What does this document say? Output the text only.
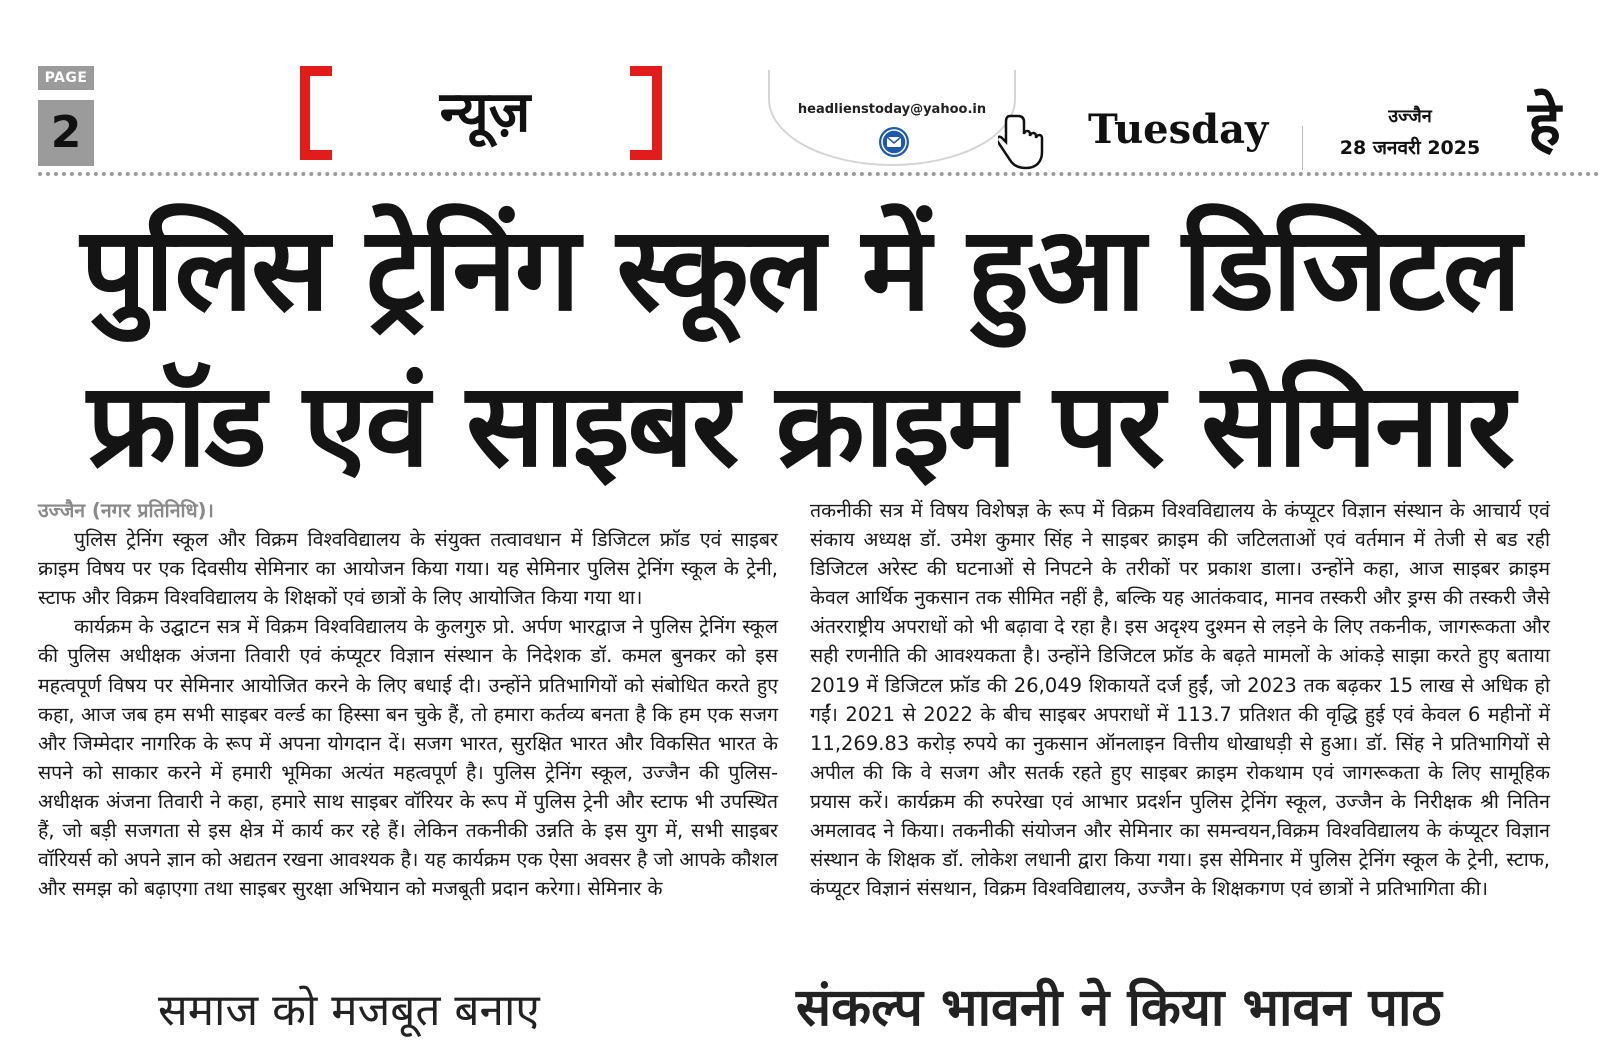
PAGE
2	न्यूज़	headlienstoday@yahoo.in	Tuesday	उज्जैन
28 जनवरी 2025 हे
पुलिस ट्रेनिंग स्कूल में हुआ डिजिटल
फ्रॉड एवं साइबर क्राइम पर सेमिनार

उज्जैन (नगर प्रतिनिधि)।

पुलिस ट्रेनिंग स्कूल और विक्रम विश्वविद्यालय के संयुक्त तत्वावधान में डिजिटल फ्रॉड एवं साइबर क्राइम विषय पर एक दिवसीय सेमिनार का आयोजन किया गया। यह सेमिनार पुलिस ट्रेनिंग स्कूल के ट्रेनी, स्टाफ और विक्रम विश्वविद्यालय के शिक्षकों एवं छात्रों के लिए आयोजित किया गया था।

कार्यक्रम के उद्घाटन सत्र में विक्रम विश्वविद्यालय के कुलगुरु प्रो. अर्पण भारद्वाज ने पुलिस ट्रेनिंग स्कूल की पुलिस अधीक्षक अंजना तिवारी एवं कंप्यूटर विज्ञान संस्थान के निदेशक डॉ. कमल बुनकर को इस महत्वपूर्ण विषय पर सेमिनार आयोजित करने के लिए बधाई दी। उन्होंने प्रतिभागियों को संबोधित करते हुए कहा, आज जब हम सभी साइबर वर्ल्ड का हिस्सा बन चुके हैं, तो हमारा कर्तव्य बनता है कि हम एक सजग और जिम्मेदार नागरिक के रूप में अपना योगदान दें। सजग भारत, सुरक्षित भारत और विकसित भारत के सपने को साकार करने में हमारी भूमिका अत्यंत महत्वपूर्ण है। पुलिस ट्रेनिंग स्कूल, उज्जैन की पुलिस-अधीक्षक अंजना तिवारी ने कहा, हमारे साथ साइबर वॉरियर के रूप में पुलिस ट्रेनी और स्टाफ भी उपस्थित हैं, जो बड़ी सजगता से इस क्षेत्र में कार्य कर रहे हैं। लेकिन तकनीकी उन्नति के इस युग में, सभी साइबर वॉरियर्स को अपने ज्ञान को अद्यतन रखना आवश्यक है। यह कार्यक्रम एक ऐसा अवसर है जो आपके कौशल और समझ को बढ़ाएगा तथा साइबर सुरक्षा अभियान को मजबूती प्रदान करेगा। सेमिनार के

तकनीकी सत्र में विषय विशेषज्ञ के रूप में विक्रम विश्वविद्यालय के कंप्यूटर विज्ञान संस्थान के आचार्य एवं संकाय अध्यक्ष डॉ. उमेश कुमार सिंह ने साइबर क्राइम की जटिलताओं एवं वर्तमान में तेजी से बड रही डिजिटल अरेस्ट की घटनाओं से निपटने के तरीकों पर प्रकाश डाला। उन्होंने कहा, आज साइबर क्राइम केवल आर्थिक नुकसान तक सीमित नहीं है, बल्कि यह आतंकवाद, मानव तस्करी और ड्रग्स की तस्करी जैसे अंतरराष्ट्रीय अपराधों को भी बढ़ावा दे रहा है। इस अदृश्य दुश्मन से लड़ने के लिए तकनीक, जागरूकता और सही रणनीति की आवश्यकता है। उन्होंने डिजिटल फ्रॉड के बढ़ते मामलों के आंकड़े साझा करते हुए बताया 2019 में डिजिटल फ्रॉड की 26,049 शिकायतें दर्ज हुईं, जो 2023 तक बढ़कर 15 लाख से अधिक हो गईं। 2021 से 2022 के बीच साइबर अपराधों में 113.7 प्रतिशत की वृद्धि हुई एवं केवल 6 महीनों में 11,269.83 करोड़ रुपये का नुकसान ऑनलाइन वित्तीय धोखाधड़ी से हुआ। डॉ. सिंह ने प्रतिभागियों से अपील की कि वे सजग और सतर्क रहते हुए साइबर क्राइम रोकथाम एवं जागरूकता के लिए सामूहिक प्रयास करें। कार्यक्रम की रुपरेखा एवं आभार प्रदर्शन पुलिस ट्रेनिंग स्कूल, उज्जैन के निरीक्षक श्री नितिन अमलावद ने किया। तकनीकी संयोजन और सेमिनार का समन्वयन,विक्रम विश्वविद्यालय के कंप्यूटर विज्ञान संस्थान के शिक्षक डॉ. लोकेश लधानी द्वारा किया गया। इस सेमिनार में पुलिस ट्रेनिंग स्कूल के ट्रेनी, स्टाफ, कंप्यूटर विज्ञानं संसथान, विक्रम विश्वविद्यालय, उज्जैन के शिक्षकगण एवं छात्रों ने प्रतिभागिता की।

समाज को मजबूत बनाए	संकल्प भावनी ने किया भावन पाठ
